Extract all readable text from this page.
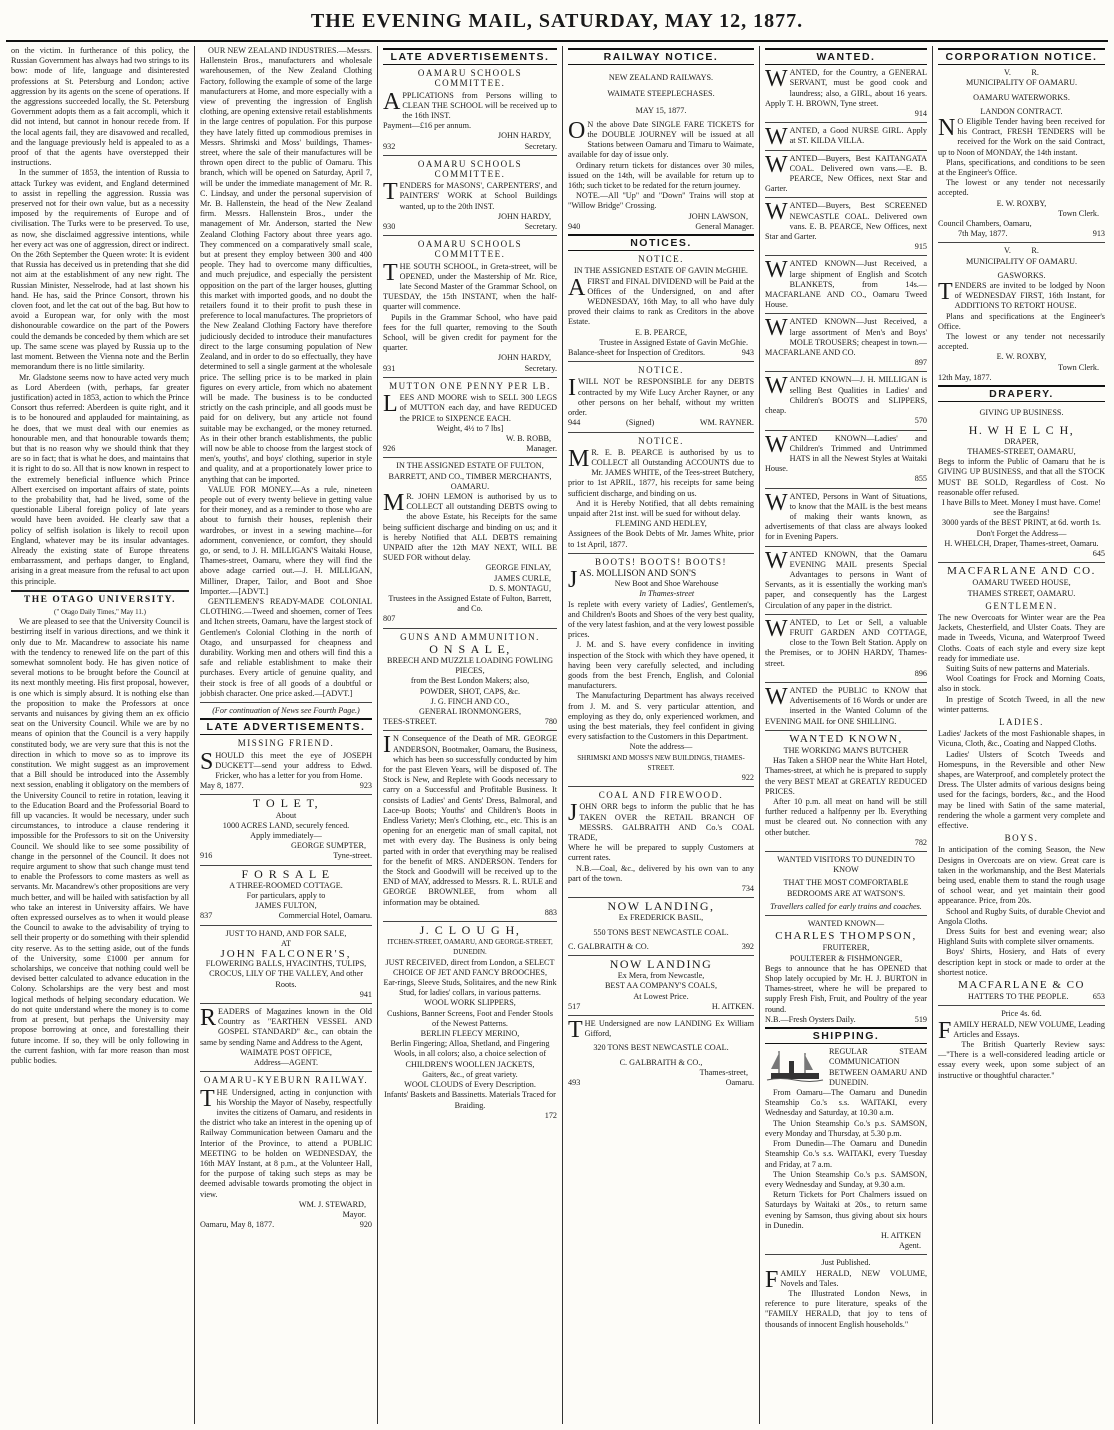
THE EVENING MAIL, SATURDAY, MAY 12, 1877.

on the victim. In furtherance of this policy, the Russian Government has always had two strings to its bow: mode of life, language and disinterested professions at St. Petersburg and London; active aggression by its agents on the scene of operations. If the aggressions succeeded locally, the St. Petersburg Government adopts them as a fait accompli, which it did not intend, but cannot in honour recede from. If the local agents fail, they are disavowed and recalled, and the language previously held is appealed to as a proof of that the agents have overstepped their instructions.

In the summer of 1853, the intention of Russia to attack Turkey was evident, and England determined to assist in repelling the aggression. Russia was preserved not for their own value, but as a necessity imposed by the requirements of Europe and of civilisation. The Turks were to be preserved. To use, as now, she disclaimed aggressive intentions, while her every act was one of aggression, direct or indirect. On the 26th September the Queen wrote: It is evident that Russia has deceived us in pretending that she did not aim at the establishment of any new right. The Russian Minister, Nesselrode, had at last shown his hand. He has, said the Prince Consort, thrown his cloven foot, and let the cat out of the bag. But how to avoid a European war, for only with the most dishonourable cowardice on the part of the Powers could the demands be conceded by them which are set up. The same scene was played by Russia up to the last moment. Between the Vienna note and the Berlin memorandum there is no little similarity.

Mr. Gladstone seems now to have acted very much as Lord Aberdeen (with, perhaps, far greater justification) acted in 1853, action to which the Prince Consort thus referred: Aberdeen is quite right, and it is to be honoured and applauded for maintaining, as he does, that we must deal with our enemies as honourable men, and that honourable towards them; but that is no reason why we should think that they are so in fact; that is what he does, and maintains that it is right to do so. All that is now known in respect to the extremely beneficial influence which Prince Albert exercised on important affairs of state, points to the probability that, had he lived, some of the questionable Liberal foreign policy of late years would have been avoided. He clearly saw that a policy of selfish isolation is likely to recoil upon England, whatever may be its insular advantages. Already the existing state of Europe threatens embarrassment, and perhaps danger, to England, arising in a great measure from the refusal to act upon this principle.

THE OTAGO UNIVERSITY.
(" Otago Daily Times," May 11.)

We are pleased to see that the University Council is bestirring itself in various directions, and we think it only due to Mr. Macandrew to associate his name with the tendency to renewed life on the part of this somewhat somnolent body. He has given notice of several motions to be brought before the Council at its next monthly meeting. His first proposal, however, is one which is simply absurd. It is nothing else than the proposition to make the Professors at once servants and nuisances by giving them an ex officio seat on the University Council. While we are by no means of opinion that the Council is a very happily constituted body, we are very sure that this is not the direction in which to move so as to improve its constitution. We might suggest as an improvement that a Bill should be introduced into the Assembly next session, enabling it obligatory on the members of the University Council to retire in rotation, leaving it to the Education Board and the Professorial Board to fill up vacancies. It would be necessary, under such circumstances, to introduce a clause rendering it impossible for the Professors to sit on the University Council. We should like to see some possibility of change in the personnel of the Council. It does not require argument to show that such change must tend to enable the Professors to come masters as well as servants. Mr. Macandrew's other propositions are very much better, and will be hailed with satisfaction by all who take an interest in University affairs. We have often expressed ourselves as to when it would please the Council to awake to the advisability of trying to sell their property or do something with their splendid city reserve. As to the setting aside, out of the funds of the University, some £1000 per annum for scholarships, we conceive that nothing could well be devised better calculated to advance education in the Colony. Scholarships are the very best and most logical methods of helping secondary education. We do not quite understand where the money is to come from at present, but perhaps the University may propose borrowing at once, and forestalling their future income. If so, they will be only following in the current fashion, with far more reason than most public bodies.

OUR NEW ZEALAND INDUSTRIES.—Messrs. Hallenstein Bros., manufacturers and wholesale warehousemen, of the New Zealand Clothing Factory, following the example of some of the large manufacturers at Home, and more especially with a view of preventing the ingression of English clothing, are opening extensive retail establishments in the large centres of population. For this purpose they have lately fitted up commodious premises in Messrs. Shrimski and Moss' buildings, Thames-street, where the sale of their manufactures will be thrown open direct to the public of Oamaru. This branch, which will be opened on Saturday, April 7, will be under the immediate management of Mr. R. C. Lindsay, and under the personal supervision of Mr. B. Hallenstein, the head of the New Zealand firm. Messrs. Hallenstein Bros., under the management of Mr. Anderson, started the New Zealand Clothing Factory about three years ago. They commenced on a comparatively small scale, but at present they employ between 300 and 400 people. They had to overcome many difficulties, and much prejudice, and especially the persistent opposition on the part of the larger houses, glutting this market with imported goods, and no doubt the retailers found it to their profit to push these in preference to local manufactures. The proprietors of the New Zealand Clothing Factory have therefore judiciously decided to introduce their manufactures direct to the large consuming population of New Zealand, and in order to do so effectually, they have determined to sell a single garment at the wholesale price. The selling price is to be marked in plain figures on every article, from which no abatement will be made. The business is to be conducted strictly on the cash principle, and all goods must be paid for on delivery, but any article not found suitable may be exchanged, or the money returned. As in their other branch establishments, the public will now be able to choose from the largest stock of men's, youths', and boys' clothing, superior in style and quality, and at a proportionately lower price to anything that can be imported.

VALUE FOR MONEY.—As a rule, nineteen people out of every twenty believe in getting value for their money, and as a reminder to those who are about to furnish their houses, replenish their wardrobes, or invest in a sewing machine—for adornment, convenience, or comfort, they should go, or send, to J. H. MILLIGAN'S Waitaki House, Thames-street, Oamaru, where they will find the above adage carried out.—J. H. MILLIGAN, Milliner, Draper, Tailor, and Boot and Shoe Importer.—[ADVT.]

GENTLEMEN'S READY-MADE COLONIAL CLOTHING.—Tweed and shoemen, corner of Tees and Itchen streets, Oamaru, have the largest stock of Gentlemen's Colonial Clothing in the north of Otago, and unsurpassed for cheapness and durability. Working men and others will find this a safe and reliable establishment to make their purchases. Every article of genuine quality, and their stock is free of all goods of a doubtful or jobbish character. One price asked.—[ADVT.]

(For continuation of News see Fourth Page.)
LATE ADVERTISEMENTS.
MISSING FRIEND.

SHOULD this meet the eye of JOSEPH DUCKETT—send your address to Edwd. Fricker, who has a letter for you from Home.

May 8, 1877.	923
T O L E T,
About
1000 ACRES LAND, securely fenced.
Apply immediately—
GEORGE SUMPTER,
916	Tyne-street.
F O R S A L E
A THREE-ROOMED COTTAGE.
For particulars, apply to
JAMES FULTON,
837	Commercial Hotel, Oamaru.
JUST TO HAND, AND FOR SALE,
AT
JOHN FALCONER'S,
FLOWERING BALLS, HYACINTHS, TULIPS, CROCUS, LILY OF THE VALLEY, And other Roots.
941

READERS of Magazines known in the Old Country as "EARTHEN VESSEL AND GOSPEL STANDARD" &c., can obtain the same by sending Name and Address to the Agent,

WAIMATE POST OFFICE,
Address—AGENT.
OAMARU-KYEBURN RAILWAY.

THE Undersigned, acting in conjunction with his Worship the Mayor of Naseby, respectfully invites the citizens of Oamaru, and residents in the district who take an interest in the opening up of Railway Communication between Oamaru and the Interior of the Province, to attend a PUBLIC MEETING to be holden on WEDNESDAY, the 16th MAY Instant, at 8 p.m., at the Volunteer Hall, for the purpose of taking such steps as may be deemed advisable towards promoting the object in view.

WM. J. STEWARD,
Mayor.
Oamaru, May 8, 1877.	920
LATE ADVERTISEMENTS.
OAMARU SCHOOLS COMMITTEE.

APPLICATIONS from Persons willing to CLEAN THE SCHOOL will be received up to the 16th INST.

Payment—£16 per annum.
JOHN HARDY,
932	Secretary.
OAMARU SCHOOLS COMMITTEE.

TENDERS for MASONS', CARPENTERS', and PAINTERS' WORK at School Buildings wanted, up to the 20th INST.

JOHN HARDY,
930	Secretary.
OAMARU SCHOOLS COMMITTEE.

THE SOUTH SCHOOL, in Greta-street, will be OPENED, under the Mastership of Mr. Rice, late Second Master of the Grammar School, on TUESDAY, the 15th INSTANT, when the half-quarter will commence.

Pupils in the Grammar School, who have paid fees for the full quarter, removing to the South School, will be given credit for payment for the quarter.

JOHN HARDY,
931	Secretary.
MUTTON ONE PENNY PER LB.

LEES AND MOORE wish to SELL 300 LEGS of MUTTON each day, and have REDUCED the PRICE to SIXPENCE EACH.

Weight, 4½ to 7 lbs]
W. B. ROBB,
926	Manager.
IN THE ASSIGNED ESTATE OF FULTON, BARRETT, AND CO., TIMBER MERCHANTS, OAMARU.

MR. JOHN LEMON is authorised by us to COLLECT all outstanding DEBTS owing to the above Estate, his Receipts for the same being sufficient discharge and binding on us; and it is hereby Notified that ALL DEBTS remaining UNPAID after the 12th MAY NEXT, WILL BE SUED FOR without delay.

GEORGE FINLAY,
JAMES CURLE,
D. S. MONTAGU,
Trustees in the Assigned Estate of Fulton, Barrett, and Co.
807
GUNS AND AMMUNITION.
O N S A L E,
BREECH AND MUZZLE LOADING FOWLING PIECES,
from the Best London Makers; also,
POWDER, SHOT, CAPS, &c.
J. G. FINCH AND CO.,
GENERAL IRONMONGERS,
TEES-STREET.	780

IN Consequence of the Death of MR. GEORGE ANDERSON, Bootmaker, Oamaru, the Business, which has been so successfully conducted by him for the past Eleven Years, will be disposed of. The Stock is New, and Replete with Goods necessary to carry on a Successful and Profitable Business. It consists of Ladies' and Gents' Dress, Balmoral, and Lace-up Boots; Youths' and Children's Boots in Endless Variety; Men's Clothing, etc., etc. This is an opening for an energetic man of small capital, not met with every day. The Business is only being parted with in order that everything may be realised for the benefit of MRS. ANDERSON. Tenders for the Stock and Goodwill will be received up to the END of MAY, addressed to Messrs. R. L. RULE and GEORGE BROWNLEE, from whom all information may be obtained.

883
J. C L O U G H,
ITCHEN-STREET, OAMARU, AND GEORGE-STREET, DUNEDIN.
JUST RECEIVED, direct from London, a SELECT CHOICE OF JET AND FANCY BROOCHES,
Ear-rings, Sleeve Studs, Solitaires, and the new Rink Stud, for ladies' collars, in various patterns.
WOOL WORK SLIPPERS,
Cushions, Banner Screens, Foot and Fender Stools of the Newest Patterns.
BERLIN FLEECY MERINO,
Berlin Fingering; Alloa, Shetland, and Fingering Wools, in all colors; also, a choice selection of
CHILDREN'S WOOLLEN JACKETS,
Gaiters, &c., of great variety.
WOOL CLOUDS of Every Description.
Infants' Baskets and Bassinetts. Materials Traced for Braiding.
172
RAILWAY NOTICE.
NEW ZEALAND RAILWAYS.
WAIMATE STEEPLECHASES.
MAY 15, 1877.

ON the above Date SINGLE FARE TICKETS for the DOUBLE JOURNEY will be issued at all Stations between Oamaru and Timaru to Waimate, available for day of issue only.

Ordinary return tickets for distances over 30 miles, issued on the 14th, will be available for return up to 16th; such ticket to be redated for the return journey.

NOTE.—All "Up" and "Down" Trains will stop at "Willow Bridge" Crossing.

JOHN LAWSON,
940	General Manager.
NOTICES.
NOTICE.
IN THE ASSIGNED ESTATE OF GAVIN McGHIE.

AFIRST and FINAL DIVIDEND will be Paid at the Offices of the Undersigned, on and after WEDNESDAY, 16th May, to all who have duly proved their claims to rank as Creditors in the above Estate.

E. B. PEARCE,
Trustee in Assigned Estate of Gavin McGhie.
Balance-sheet for Inspection of Creditors.	943
NOTICE.

IWILL NOT be RESPONSIBLE for any DEBTS contracted by my Wife Lucy Archer Rayner, or any other persons on her behalf, without my written order.

944	(Signed)	WM. RAYNER.
NOTICE.

MR. E. B. PEARCE is authorised by us to COLLECT all Outstanding ACCOUNTS due to Mr. JAMES WHITE, of the Tees-street Butchery, prior to 1st APRIL, 1877, his receipts for same being sufficient discharge, and binding on us.

And it is Hereby Notified, that all debts remaining unpaid after 21st inst. will be sued for without delay.

FLEMING AND HEDLEY,
Assignees of the Book Debts of Mr. James White, prior to 1st April, 1877.
BOOTS! BOOTS! BOOTS!
JAS. MOLLISON AND SON'S
New Boot and Shoe Warehouse
In Thames-street

Is replete with every variety of Ladies', Gentlemen's, and Children's Boots and Shoes of the very best quality, of the very latest fashion, and at the very lowest possible prices.

J. M. and S. have every confidence in inviting inspection of the Stock with which they have opened, it having been very carefully selected, and including goods from the best French, English, and Colonial manufacturers.

The Manufacturing Department has always received from J. M. and S. very particular attention, and employing as they do, only experienced workmen, and using the best materials, they feel confident in giving every satisfaction to the Customers in this Department.

Note the address—
SHRIMSKI AND MOSS'S NEW BUILDINGS, THAMES-STREET.
922
COAL AND FIREWOOD.

JOHN ORR begs to inform the public that he has TAKEN OVER the RETAIL BRANCH OF MESSRS. GALBRAITH AND Co.'s COAL TRADE,

Where he will be prepared to supply Customers at current rates.

N.B.—Coal, &c., delivered by his own van to any part of the town.

734
NOW LANDING,
Ex FREDERICK BASIL,
550 TONS BEST NEWCASTLE COAL.
C. GALBRAITH & CO.	392
NOW LANDING
Ex Mera, from Newcastle,
BEST AA COMPANY'S COALS,
At Lowest Price.
517	H. AITKEN.

THE Undersigned are now LANDING Ex William Gifford,

320 TONS BEST NEWCASTLE COAL.
C. GALBRAITH & CO.,
Thames-street,
493	Oamaru.
WANTED.

WANTED, for the Country, a GENERAL SERVANT, must be good cook and laundress; also, a GIRL, about 16 years. Apply T. H. BROWN, Tyne street.

914

WANTED, a Good NURSE GIRL. Apply at ST. KILDA VILLA.

WANTED—Buyers, Best KAITANGATA COAL. Delivered own vans.—E. B. PEARCE, New Offices, next Star and Garter.

WANTED—Buyers, Best SCREENED NEWCASTLE COAL. Delivered own vans. E. B. PEARCE, New Offices, next Star and Garter.

915

WANTED KNOWN—Just Received, a large shipment of English and Scotch BLANKETS, from 14s.—MACFARLANE AND CO., Oamaru Tweed House.

WANTED KNOWN—Just Received, a large assortment of Men's and Boys' MOLE TROUSERS; cheapest in town.—MACFARLANE AND CO.

897

WANTED KNOWN—J. H. MILLIGAN is selling Best Qualities in Ladies' and Children's BOOTS and SLIPPERS, cheap.

570

WANTED KNOWN—Ladies' and Children's Trimmed and Untrimmed HATS in all the Newest Styles at Waitaki House.

855

WANTED, Persons in Want of Situations, to know that the MAIL is the best means of making their wants known, as advertisements of that class are always looked for in Evening Papers.

WANTED KNOWN, that the Oamaru EVENING MAIL presents Special Advantages to persons in Want of Servants, as it is essentially the working man's paper, and consequently has the Largest Circulation of any paper in the district.

WANTED, to Let or Sell, a valuable FRUIT GARDEN AND COTTAGE, close to the Town Belt Station. Apply on the Premises, or to JOHN HARDY, Thames-street.

896

WANTED the PUBLIC to KNOW that Advertisements of 16 Words or under are inserted in the Wanted Column of the EVENING MAIL for ONE SHILLING.

WANTED KNOWN,
THE WORKING MAN'S BUTCHER

Has Taken a SHOP near the White Hart Hotel, Thames-street, at which he is prepared to supply the very BEST MEAT at GREATLY REDUCED PRICES.

After 10 p.m. all meat on hand will be still further reduced a halfpenny per lb. Everything must be cleared out. No connection with any other butcher.

782
WANTED VISITORS TO DUNEDIN TO KNOW
THAT THE MOST COMFORTABLE BEDROOMS ARE AT WATSON'S.
Travellers called for early trains and coaches.
WANTED KNOWN—
CHARLES THOMPSON,
FRUITERER,
POULTERER & FISHMONGER,

Begs to announce that he has OPENED that Shop lately occupied by Mr. H. J. BURTON in Thames-street, where he will be prepared to supply Fresh Fish, Fruit, and Poultry of the year round.

N.B.—Fresh Oysters Daily.	519
SHIPPING.

REGULAR STEAM COMMUNICATION BETWEEN OAMARU AND DUNEDIN.

From Oamaru—The Oamaru and Dunedin Steamship Co.'s s.s. WAITAKI, every Wednesday and Saturday, at 10.30 a.m.

The Union Steamship Co.'s p.s. SAMSON, every Monday and Thursday, at 5.30 p.m.

From Dunedin—The Oamaru and Dunedin Steamship Co.'s s.s. WAITAKI, every Tuesday and Friday, at 7 a.m.

The Union Steamship Co.'s p.s. SAMSON, every Wednesday and Sunday, at 9.30 a.m.

Return Tickets for Port Chalmers issued on Saturdays by Waitaki at 20s., to return same evening by Samson, thus giving about six hours in Dunedin.

H. AITKEN
Agent.
Just Published.

FAMILY HERALD, NEW VOLUME, Novels and Tales.

The Illustrated London News, in reference to pure literature, speaks of the "FAMILY HERALD, that joy to tens of thousands of innocent English households."

CORPORATION NOTICE.
V.          R.
MUNICIPALITY OF OAMARU.
OAMARU WATERWORKS.
LANDON CONTRACT.

NO Eligible Tender having been received for his Contract, FRESH TENDERS will be received for the Work on the said Contract, up to Noon of MONDAY, the 14th instant.

Plans, specifications, and conditions to be seen at the Engineer's Office.

The lowest or any tender not necessarily accepted.

E. W. ROXBY,
Town Clerk.
Council Chambers, Oamaru,
7th May, 1877.	913
V.          R.
MUNICIPALITY OF OAMARU.
GASWORKS.

TENDERS are invited to be lodged by Noon of WEDNESDAY FIRST, 16th Instant, for ADDITIONS TO RETORT HOUSE.

Plans and specifications at the Engineer's Office.

The lowest or any tender not necessarily accepted.

E. W. ROXBY,
Town Clerk.
12th May, 1877.
DRAPERY.
GIVING UP BUSINESS.
H. W H E L C H,
DRAPER,
THAMES-STREET, OAMARU,

Begs to inform the Public of Oamaru that he is GIVING UP BUSINESS, and that all the STOCK MUST BE SOLD, Regardless of Cost. No reasonable offer refused.

I have Bills to Meet. Money I must have. Come! see the Bargains!
3000 yards of the BEST PRINT, at 6d. worth 1s.
Don't Forget the Address—
H. WHELCH, Draper, Thames-street, Oamaru.
645
MACFARLANE AND CO.
OAMARU TWEED HOUSE,
THAMES STREET, OAMARU.
GENTLEMEN.

The new Overcoats for Winter wear are the Pea Jackets, Chesterfield, and Ulster Coats. They are made in Tweeds, Vicuna, and Waterproof Tweed Cloths. Coats of each style and every size kept ready for immediate use.

Suiting Suits of new patterns and Materials.

Wool Coatings for Frock and Morning Coats, also in stock.

In prestige of Scotch Tweed, in all the new winter patterns.

LADIES.

Ladies' Jackets of the most Fashionable shapes, in Vicuna, Cloth, &c., Coating and Napped Cloths.

Ladies' Ulsters of Scotch Tweeds and Homespuns, in the Reversible and other New shapes, are Waterproof, and completely protect the Dress. The Ulster admits of various designs being used for the facings, borders, &c., and the Hood may be lined with Satin of the same material, rendering the whole a garment very complete and effective.

BOYS.

In anticipation of the coming Season, the New Designs in Overcoats are on view. Great care is taken in the workmanship, and the Best Materials being used, enable them to stand the rough usage of school wear, and yet maintain their good appearance. Price, from 20s.

School and Rugby Suits, of durable Cheviot and Angola Cloths.

Dress Suits for best and evening wear; also Highland Suits with complete silver ornaments.

Boys' Shirts, Hosiery, and Hats of every description kept in stock or made to order at the shortest notice.

MACFARLANE & CO
HATTERS TO THE PEOPLE.	653
Price 4s. 6d.

FAMILY HERALD, NEW VOLUME, Leading Articles and Essays.

The British Quarterly Review says:—"There is a well-considered leading article or essay every week, upon some subject of an instructive or thoughtful character."
